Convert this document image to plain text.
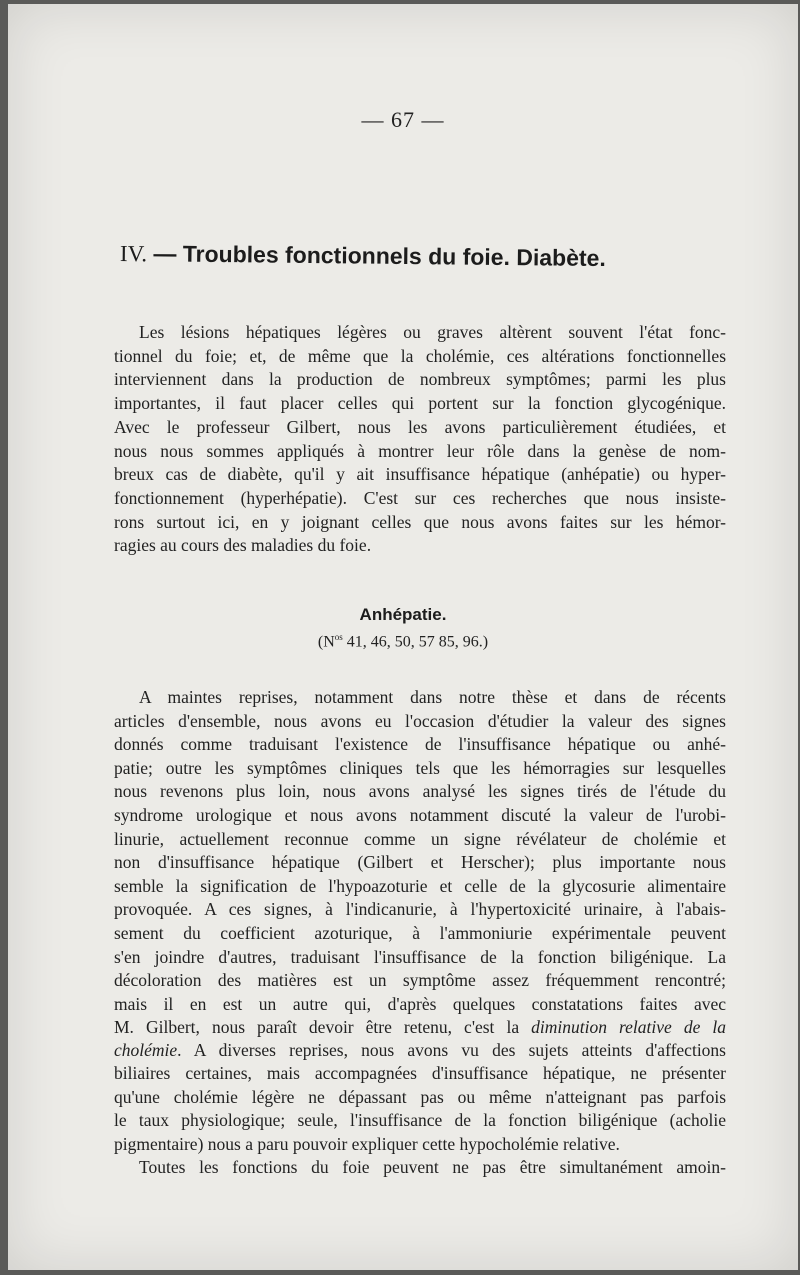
— 67 —
IV. — Troubles fonctionnels du foie. Diabète.
Les lésions hépatiques légères ou graves altèrent souvent l'état fonc-
tionnel du foie; et, de même que la cholémie, ces altérations fonctionnelles
interviennent dans la production de nombreux symptômes; parmi les plus
importantes, il faut placer celles qui portent sur la fonction glycogénique.
Avec le professeur Gilbert, nous les avons particulièrement étudiées, et
nous nous sommes appliqués à montrer leur rôle dans la genèse de nom-
breux cas de diabète, qu'il y ait insuffisance hépatique (anhépatie) ou hyper-
fonctionnement (hyperhépatie). C'est sur ces recherches que nous insiste-
rons surtout ici, en y joignant celles que nous avons faites sur les hémor-
ragies au cours des maladies du foie.
Anhépatie.
($N^{os}$ 41, 46, 50, 57 85, 96.)
A maintes reprises, notamment dans notre thèse et dans de récents
articles d'ensemble, nous avons eu l'occasion d'étudier la valeur des signes
donnés comme traduisant l'existence de l'insuffisance hépatique ou anhé-
patie; outre les symptômes cliniques tels que les hémorragies sur lesquelles
nous revenons plus loin, nous avons analysé les signes tirés de l'étude du
syndrome urologique et nous avons notamment discuté la valeur de l'urobi-
linurie, actuellement reconnue comme un signe révélateur de cholémie et
non d'insuffisance hépatique (Gilbert et Herscher); plus importante nous
semble la signification de l'hypoazoturie et celle de la glycosurie alimentaire
provoquée. A ces signes, à l'indicanurie, à l'hypertoxicité urinaire, à l'abais-
sement du coefficient azoturique, à l'ammoniurie expérimentale peuvent
s'en joindre d'autres, traduisant l'insuffisance de la fonction biligénique. La
décoloration des matières est un symptôme assez fréquemment rencontré;
mais il en est un autre qui, d'après quelques constatations faites avec
M. Gilbert, nous paraît devoir être retenu, c'est la diminution relative de la
cholémie. A diverses reprises, nous avons vu des sujets atteints d'affections
biliaires certaines, mais accompagnées d'insuffisance hépatique, ne présenter
qu'une cholémie légère ne dépassant pas ou même n'atteignant pas parfois
le taux physiologique; seule, l'insuffisance de la fonction biligénique (acholie
pigmentaire) nous a paru pouvoir expliquer cette hypocholémie relative.
Toutes les fonctions du foie peuvent ne pas être simultanément amoin-
